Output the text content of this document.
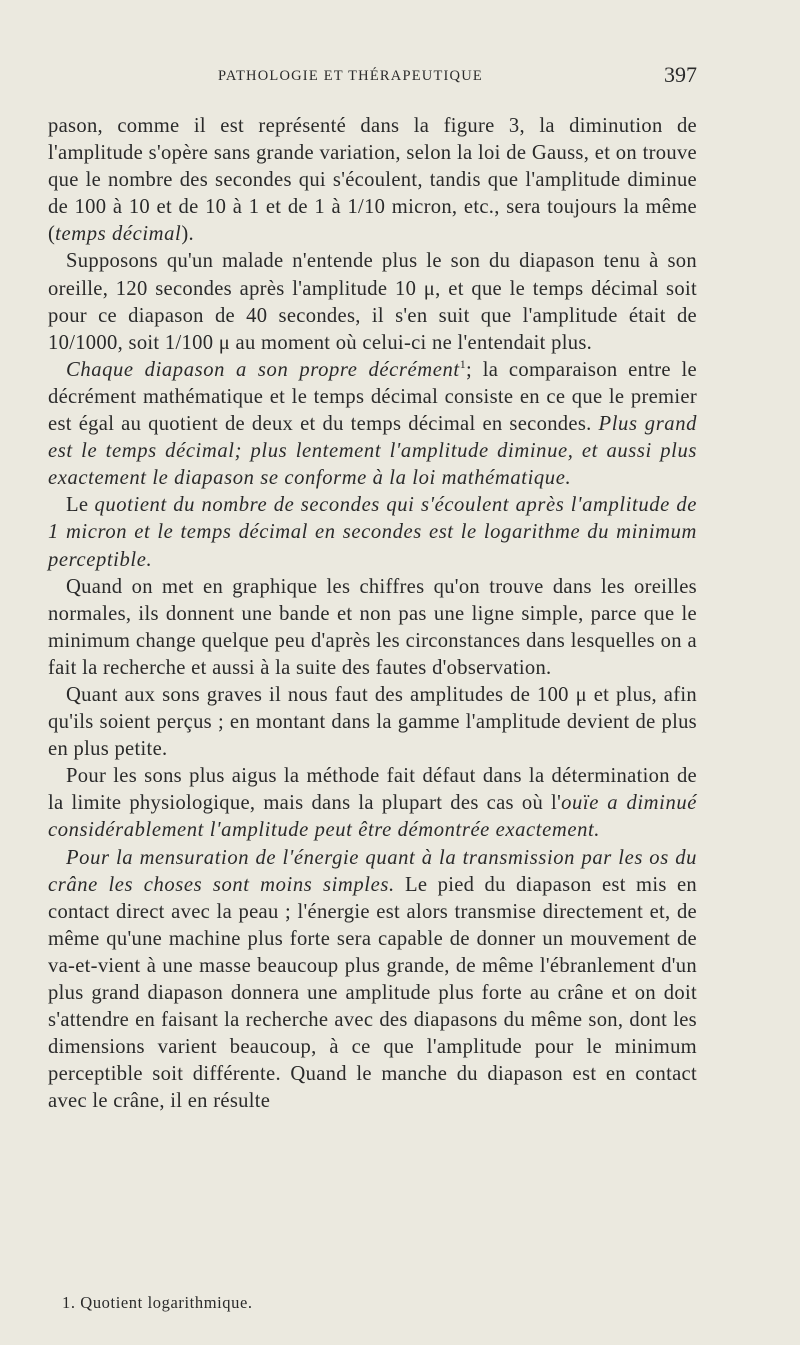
PATHOLOGIE ET THÉRAPEUTIQUE	397

pason, comme il est représenté dans la figure 3, la diminution de l'amplitude s'opère sans grande variation, selon la loi de Gauss, et on trouve que le nombre des secondes qui s'écoulent, tandis que l'amplitude diminue de 100 à 10 et de 10 à 1 et de 1 à 1/10 micron, etc., sera toujours la même (temps décimal).

Supposons qu'un malade n'entende plus le son du diapason tenu à son oreille, 120 secondes après l'amplitude 10 μ, et que le temps décimal soit pour ce diapason de 40 secondes, il s'en suit que l'amplitude était de 10/1000, soit 1/100 μ au moment où celui-ci ne l'entendait plus.

Chaque diapason a son propre décrément$^1$; la comparaison entre le décrément mathématique et le temps décimal consiste en ce que le premier est égal au quotient de deux et du temps décimal en secondes. Plus grand est le temps décimal; plus lentement l'amplitude diminue, et aussi plus exactement le diapason se conforme à la loi mathématique.

Le quotient du nombre de secondes qui s'écoulent après l'amplitude de 1 micron et le temps décimal en secondes est le logarithme du minimum perceptible.

Quand on met en graphique les chiffres qu'on trouve dans les oreilles normales, ils donnent une bande et non pas une ligne simple, parce que le minimum change quelque peu d'après les circonstances dans lesquelles on a fait la recherche et aussi à la suite des fautes d'observation.

Quant aux sons graves il nous faut des amplitudes de 100 μ et plus, afin qu'ils soient perçus ; en montant dans la gamme l'amplitude devient de plus en plus petite.

Pour les sons plus aigus la méthode fait défaut dans la détermination de la limite physiologique, mais dans la plupart des cas où l'ouïe a diminué considérablement l'amplitude peut être démontrée exactement.

Pour la mensuration de l'énergie quant à la transmission par les os du crâne les choses sont moins simples. Le pied du diapason est mis en contact direct avec la peau ; l'énergie est alors transmise directement et, de même qu'une machine plus forte sera capable de donner un mouvement de va-et-vient à une masse beaucoup plus grande, de même l'ébranlement d'un plus grand diapason donnera une amplitude plus forte au crâne et on doit s'attendre en faisant la recherche avec des diapasons du même son, dont les dimensions varient beaucoup, à ce que l'amplitude pour le minimum perceptible soit différente. Quand le manche du diapason est en contact avec le crâne, il en résulte

1. Quotient logarithmique.
